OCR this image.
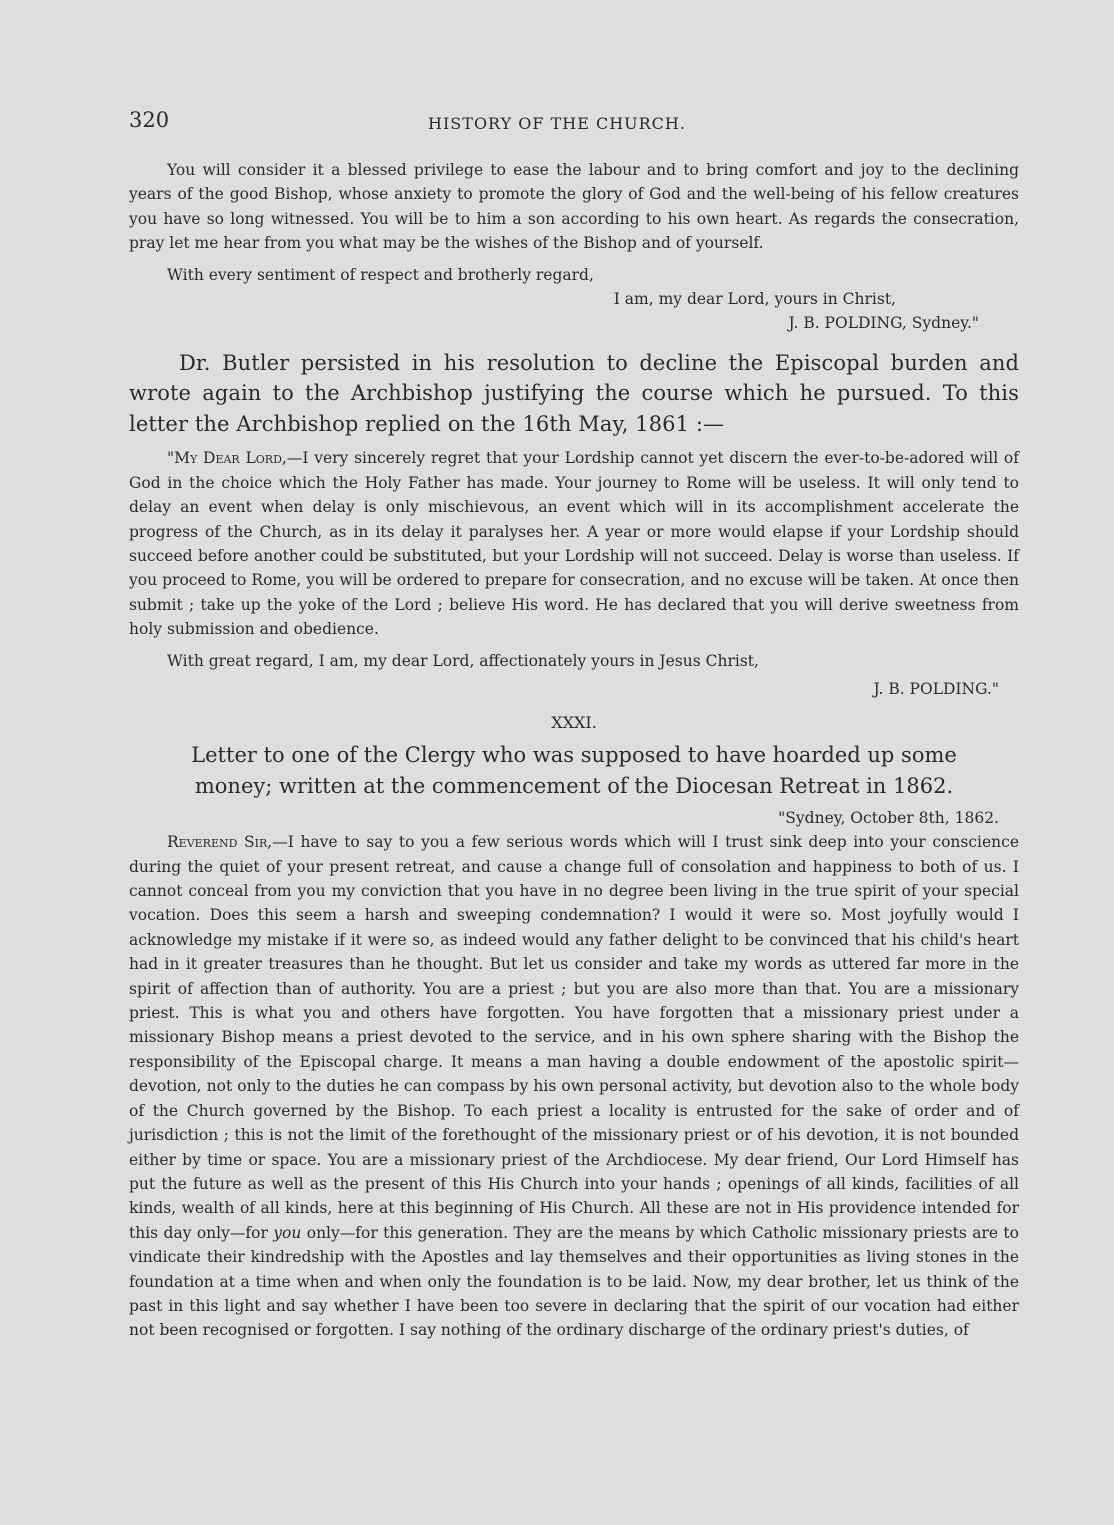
320	HISTORY OF THE CHURCH.

You will consider it a blessed privilege to ease the labour and to bring comfort and joy to the declining years of the good Bishop, whose anxiety to promote the glory of God and the well-being of his fellow creatures you have so long witnessed. You will be to him a son according to his own heart. As regards the consecration, pray let me hear from you what may be the wishes of the Bishop and of yourself.

With every sentiment of respect and brotherly regard,

I am, my dear Lord, yours in Christ,

J. B. POLDING, Sydney."

Dr. Butler persisted in his resolution to decline the Episcopal burden and wrote again to the Archbishop justifying the course which he pursued. To this letter the Archbishop replied on the 16th May, 1861 :—

"My Dear Lord,—I very sincerely regret that your Lordship cannot yet discern the ever-to-be-adored will of God in the choice which the Holy Father has made. Your journey to Rome will be useless. It will only tend to delay an event when delay is only mischievous, an event which will in its accomplishment accelerate the progress of the Church, as in its delay it paralyses her. A year or more would elapse if your Lordship should succeed before another could be substituted, but your Lordship will not succeed. Delay is worse than useless. If you proceed to Rome, you will be ordered to prepare for consecration, and no excuse will be taken. At once then submit ; take up the yoke of the Lord ; believe His word. He has declared that you will derive sweetness from holy submission and obedience.

With great regard, I am, my dear Lord, affectionately yours in Jesus Christ,

J. B. POLDING."

XXXI.

Letter to one of the Clergy who was supposed to have hoarded up some money; written at the commencement of the Diocesan Retreat in 1862.

"Sydney, October 8th, 1862.

Reverend Sir,—I have to say to you a few serious words which will I trust sink deep into your conscience during the quiet of your present retreat, and cause a change full of consolation and happiness to both of us. I cannot conceal from you my conviction that you have in no degree been living in the true spirit of your special vocation. Does this seem a harsh and sweeping condemnation? I would it were so. Most joyfully would I acknowledge my mistake if it were so, as indeed would any father delight to be convinced that his child's heart had in it greater treasures than he thought. But let us consider and take my words as uttered far more in the spirit of affection than of authority. You are a priest ; but you are also more than that. You are a missionary priest. This is what you and others have forgotten. You have forgotten that a missionary priest under a missionary Bishop means a priest devoted to the service, and in his own sphere sharing with the Bishop the responsibility of the Episcopal charge. It means a man having a double endowment of the apostolic spirit—devotion, not only to the duties he can compass by his own personal activity, but devotion also to the whole body of the Church governed by the Bishop. To each priest a locality is entrusted for the sake of order and of jurisdiction ; this is not the limit of the forethought of the missionary priest or of his devotion, it is not bounded either by time or space. You are a missionary priest of the Archdiocese. My dear friend, Our Lord Himself has put the future as well as the present of this His Church into your hands ; openings of all kinds, facilities of all kinds, wealth of all kinds, here at this beginning of His Church. All these are not in His providence intended for this day only—for you only—for this generation. They are the means by which Catholic missionary priests are to vindicate their kindredship with the Apostles and lay themselves and their opportunities as living stones in the foundation at a time when and when only the foundation is to be laid. Now, my dear brother, let us think of the past in this light and say whether I have been too severe in declaring that the spirit of our vocation had either not been recognised or forgotten. I say nothing of the ordinary discharge of the ordinary priest's duties, of
